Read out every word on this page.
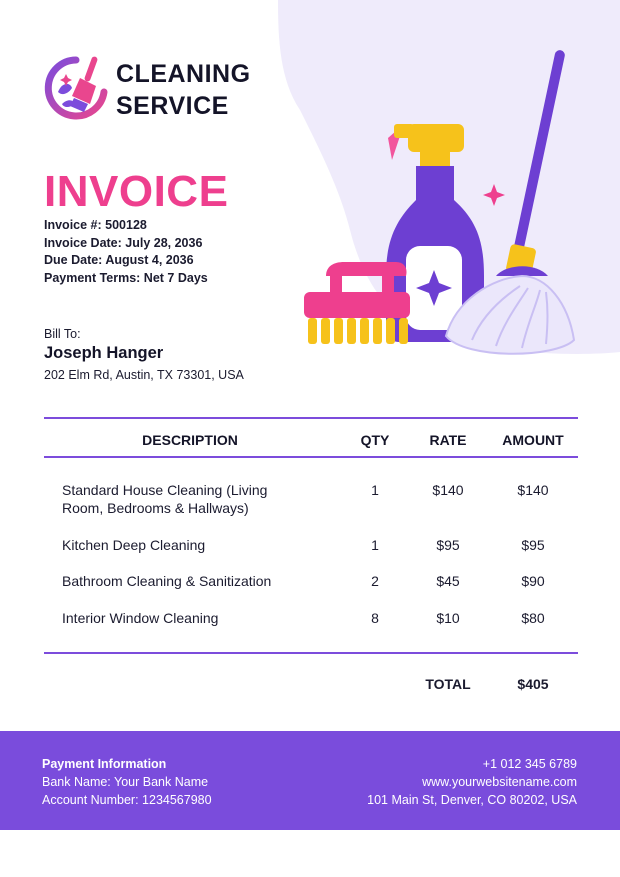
CLEANING
SERVICE
INVOICE
Invoice #: 500128
Invoice Date: July 28, 2036
Due Date: August 4, 2036
Payment Terms: Net 7 Days
Bill To:
Joseph Hanger
202 Elm Rd, Austin, TX 73301, USA
DESCRIPTION	QTY	RATE	AMOUNT
Standard House Cleaning (Living
Room, Bedrooms & Hallways)
1	$140	$140
Kitchen Deep Cleaning	1	$95	$95
Bathroom Cleaning & Sanitization	2	$45	$90
Interior Window Cleaning	8	$10	$80
TOTAL	$405
Payment Information
Bank Name: Your Bank Name
Account Number: 1234567980
+1 012 345 6789
www.yourwebsitename.com
101 Main St, Denver, CO 80202, USA
